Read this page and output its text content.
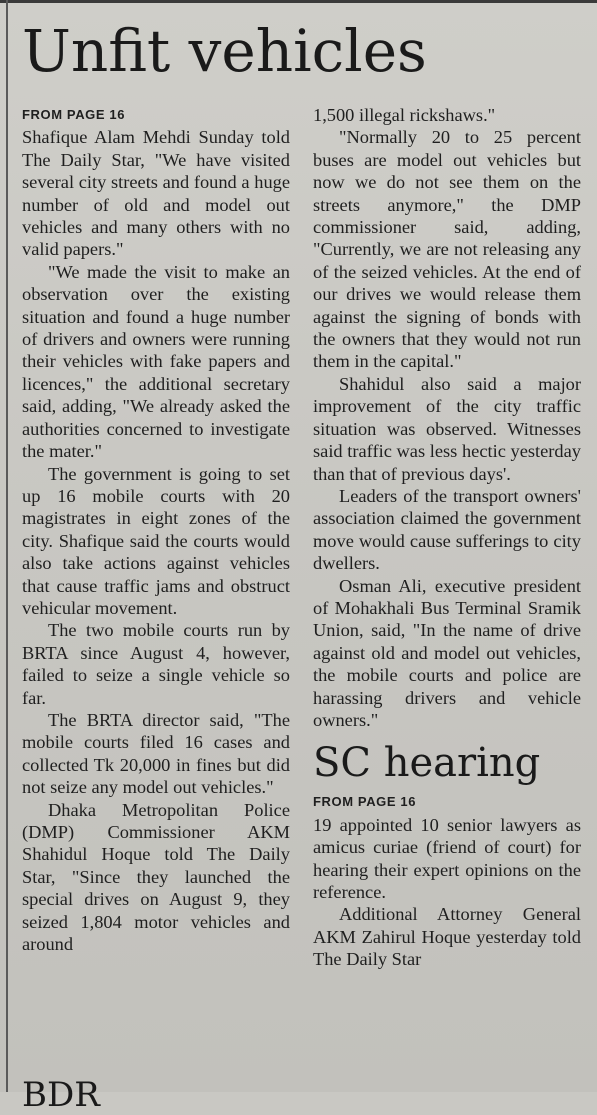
Unfit vehicles
FROM PAGE 16

Shafique Alam Mehdi Sunday told The Daily Star, "We have visited several city streets and found a huge number of old and model out vehicles and many others with no valid papers."

"We made the visit to make an observation over the existing situation and found a huge number of drivers and owners were running their vehicles with fake papers and licences," the additional secretary said, adding, "We already asked the authorities concerned to investigate the mater."

The government is going to set up 16 mobile courts with 20 magistrates in eight zones of the city. Shafique said the courts would also take actions against vehicles that cause traffic jams and obstruct vehicular movement.

The two mobile courts run by BRTA since August 4, however, failed to seize a single vehicle so far.

The BRTA director said, "The mobile courts filed 16 cases and collected Tk 20,000 in fines but did not seize any model out vehicles."

Dhaka Metropolitan Police (DMP) Commissioner AKM Shahidul Hoque told The Daily Star, "Since they launched the special drives on August 9, they seized 1,804 motor vehicles and around

1,500 illegal rickshaws."

"Normally 20 to 25 percent buses are model out vehicles but now we do not see them on the streets anymore," the DMP commissioner said, adding, "Currently, we are not releasing any of the seized vehicles. At the end of our drives we would release them against the signing of bonds with the owners that they would not run them in the capital."

Shahidul also said a major improvement of the city traffic situation was observed. Witnesses said traffic was less hectic yesterday than that of previous days'.

Leaders of the transport owners' association claimed the government move would cause sufferings to city dwellers.

Osman Ali, executive president of Mohakhali Bus Terminal Sramik Union, said, "In the name of drive against old and model out vehicles, the mobile courts and police are harassing drivers and vehicle owners."

SC hearing
FROM PAGE 16

19 appointed 10 senior lawyers as amicus curiae (friend of court) for hearing their expert opinions on the reference.

Additional Attorney General AKM Zahirul Hoque yesterday told The Daily Star

BDR
